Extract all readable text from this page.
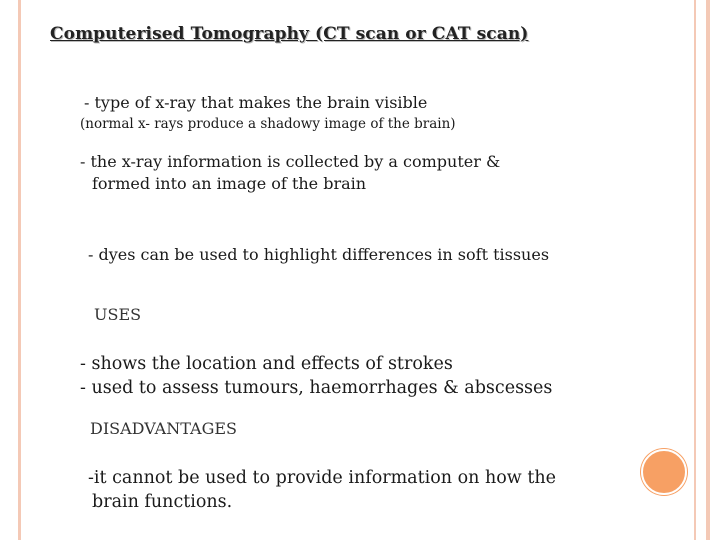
Computerised Tomography (CT scan or CAT scan)
- type of x-ray that makes the brain visible
(normal x- rays produce a shadowy image of the brain)
- the x-ray information is collected by a computer &
formed into an image of the brain
- dyes can be used to highlight differences in soft tissues
USES
- shows the location and effects of strokes
- used to assess tumours, haemorrhages & abscesses
DISADVANTAGES
-it cannot be used to provide information on how the
brain functions.
